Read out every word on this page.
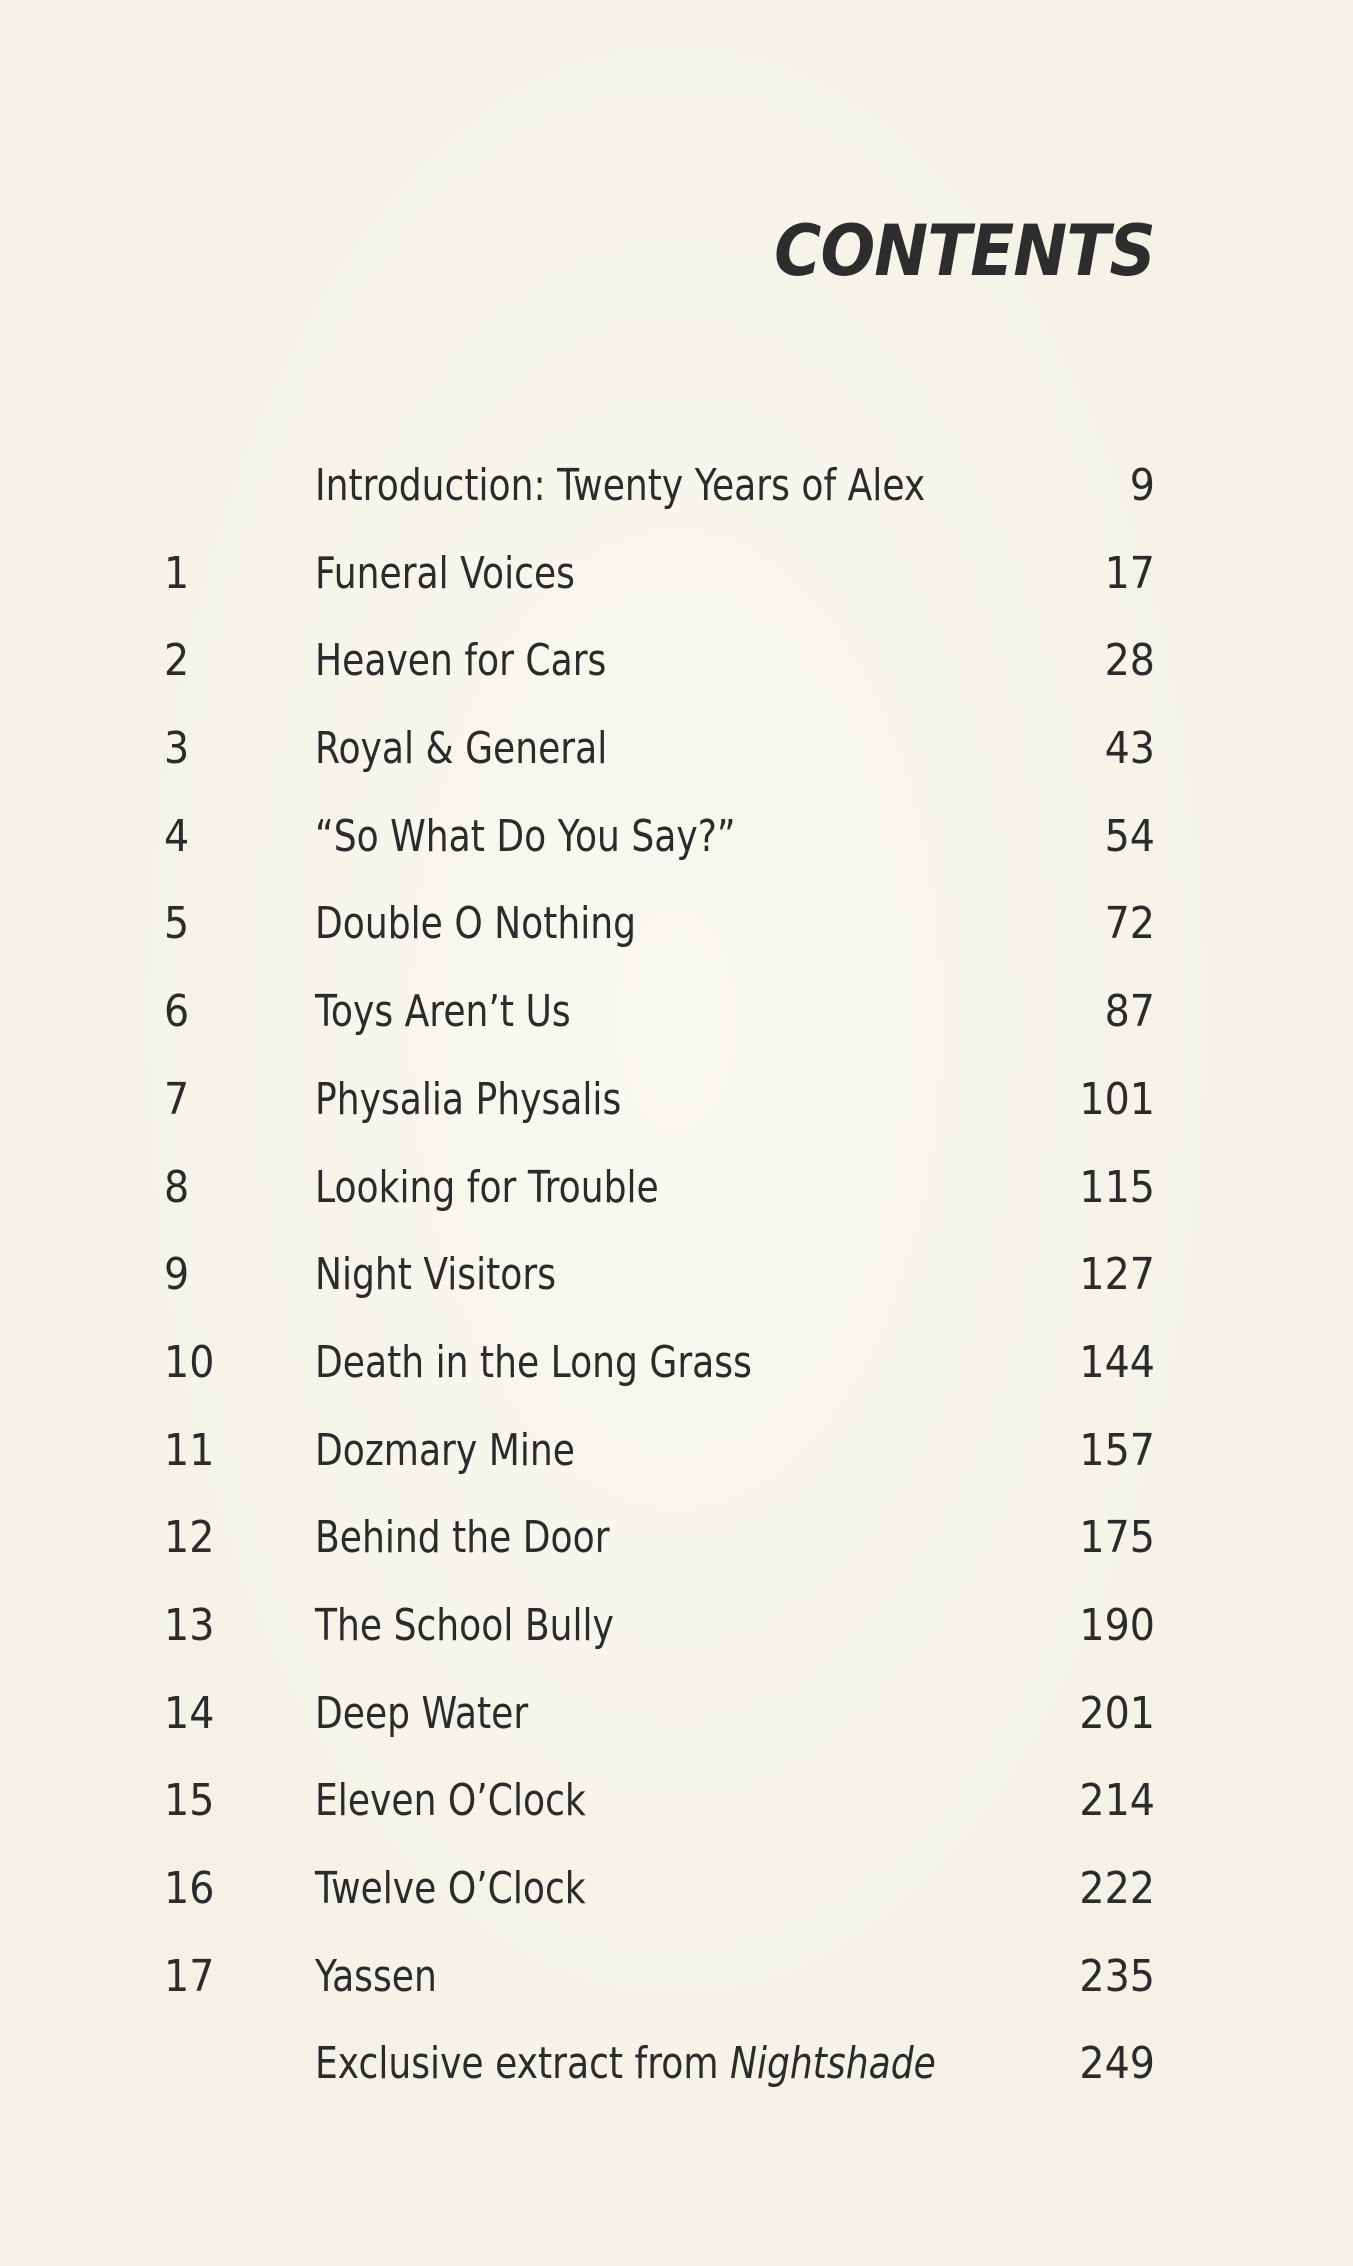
CONTENTS
Introduction: Twenty Years of Alex	9
1	Funeral Voices	17
2	Heaven for Cars	28
3	Royal & General	43
4	“So What Do You Say?”	54
5	Double O Nothing	72
6	Toys Aren’t Us	87
7	Physalia Physalis	101
8	Looking for Trouble	115
9	Night Visitors	127
10 Death in the Long Grass	144
11 Dozmary Mine	157
12 Behind the Door	175
13 The School Bully	190
14 Deep Water	201
15 Eleven O’Clock	214
16 Twelve O’Clock	222
17 Yassen	235
Exclusive extract from Nightshade	249
